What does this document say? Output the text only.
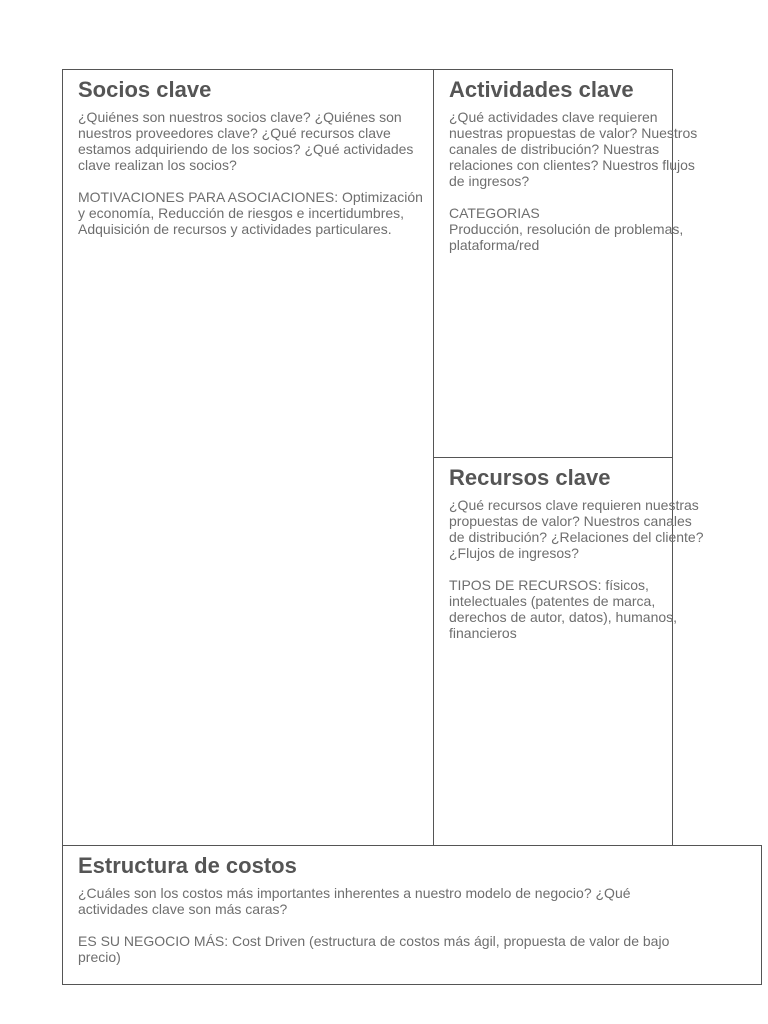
Socios clave

¿Quiénes son nuestros socios clave? ¿Quiénes son nuestros proveedores clave? ¿Qué recursos clave estamos adquiriendo de los socios? ¿Qué actividades clave realizan los socios?

MOTIVACIONES PARA ASOCIACIONES: Optimización y economía, Reducción de riesgos e incertidumbres, Adquisición de recursos y actividades particulares.

Actividades clave

¿Qué actividades clave requieren nuestras propuestas de valor? Nuestros canales de distribución? Nuestras relaciones con clientes? Nuestros flujos de ingresos?

CATEGORIAS
Producción, resolución de problemas, plataforma/red

Recursos clave

¿Qué recursos clave requieren nuestras propuestas de valor? Nuestros canales de distribución? ¿Relaciones del cliente? ¿Flujos de ingresos?

TIPOS DE RECURSOS: físicos, intelectuales (patentes de marca, derechos de autor, datos), humanos, financieros

Estructura de costos

¿Cuáles son los costos más importantes inherentes a nuestro modelo de negocio? ¿Qué actividades clave son más caras?

ES SU NEGOCIO MÁS: Cost Driven (estructura de costos más ágil, propuesta de valor de bajo precio)
